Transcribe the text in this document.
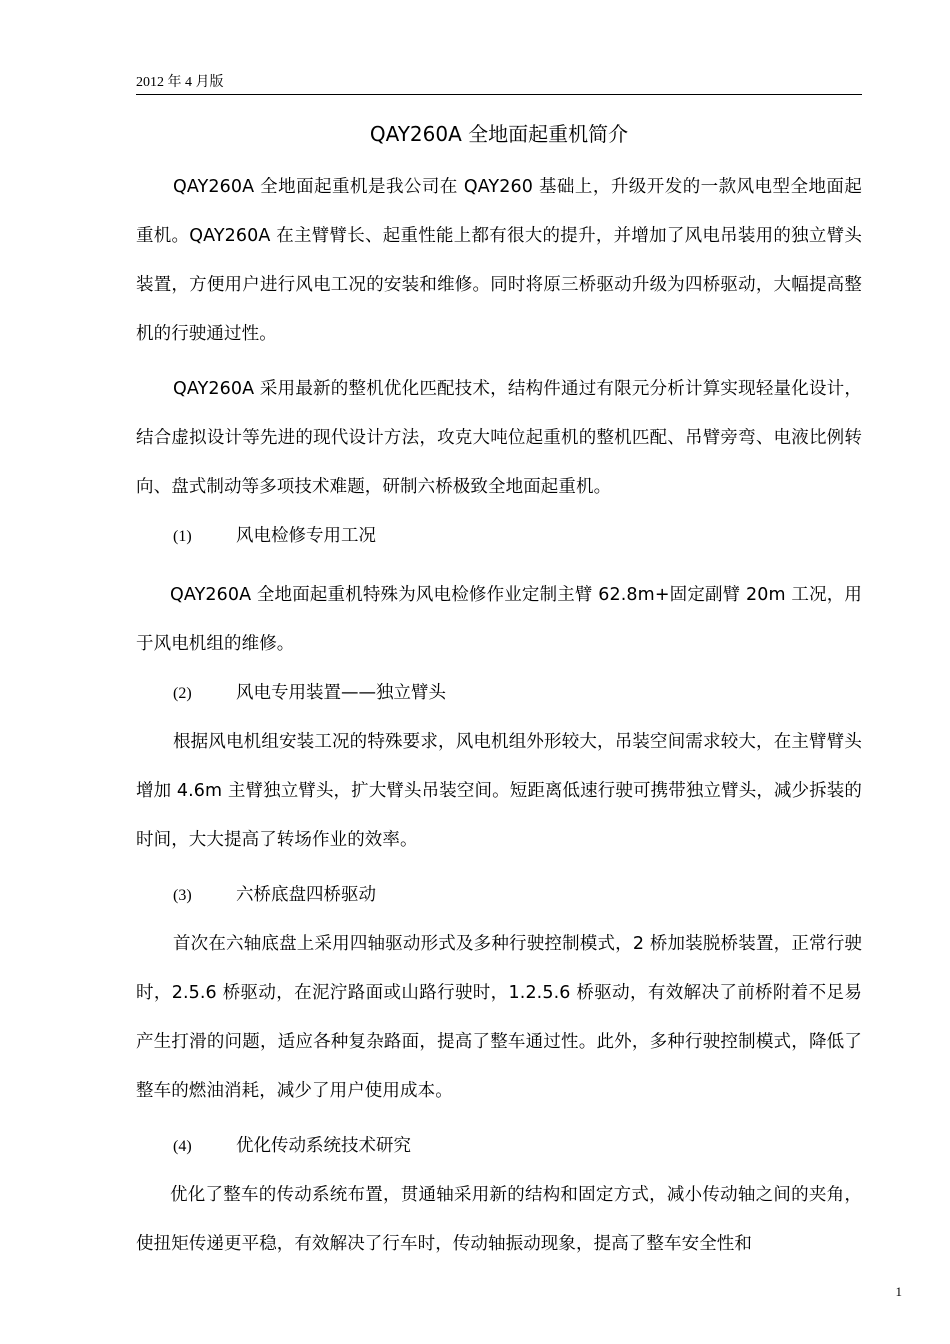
2012 年 4 月版
QAY260A 全地面起重机简介

QAY260A 全地面起重机是我公司在 QAY260 基础上，升级开发的一款风电型全地面起重机。QAY260A 在主臂臂长、起重性能上都有很大的提升，并增加了风电吊装用的独立臂头装置，方便用户进行风电工况的安装和维修。同时将原三桥驱动升级为四桥驱动，大幅提高整机的行驶通过性。

QAY260A 采用最新的整机优化匹配技术，结构件通过有限元分析计算实现轻量化设计，结合虚拟设计等先进的现代设计方法，攻克大吨位起重机的整机匹配、吊臂旁弯、电液比例转向、盘式制动等多项技术难题，研制六桥极致全地面起重机。

(1)	风电检修专用工况

QAY260A 全地面起重机特殊为风电检修作业定制主臂 62.8m+固定副臂 20m 工况，用于风电机组的维修。

(2)	风电专用装置——独立臂头

根据风电机组安装工况的特殊要求，风电机组外形较大，吊装空间需求较大，在主臂臂头增加 4.6m 主臂独立臂头，扩大臂头吊装空间。短距离低速行驶可携带独立臂头，减少拆装的时间，大大提高了转场作业的效率。

(3)	六桥底盘四桥驱动

首次在六轴底盘上采用四轴驱动形式及多种行驶控制模式，2 桥加装脱桥装置，正常行驶时，2.5.6 桥驱动，在泥泞路面或山路行驶时，1.2.5.6 桥驱动，有效解决了前桥附着不足易产生打滑的问题，适应各种复杂路面，提高了整车通过性。此外，多种行驶控制模式，降低了整车的燃油消耗，减少了用户使用成本。

(4)	优化传动系统技术研究

优化了整车的传动系统布置，贯通轴采用新的结构和固定方式，减小传动轴之间的夹角，使扭矩传递更平稳，有效解决了行车时，传动轴振动现象，提高了整车安全性和

1
